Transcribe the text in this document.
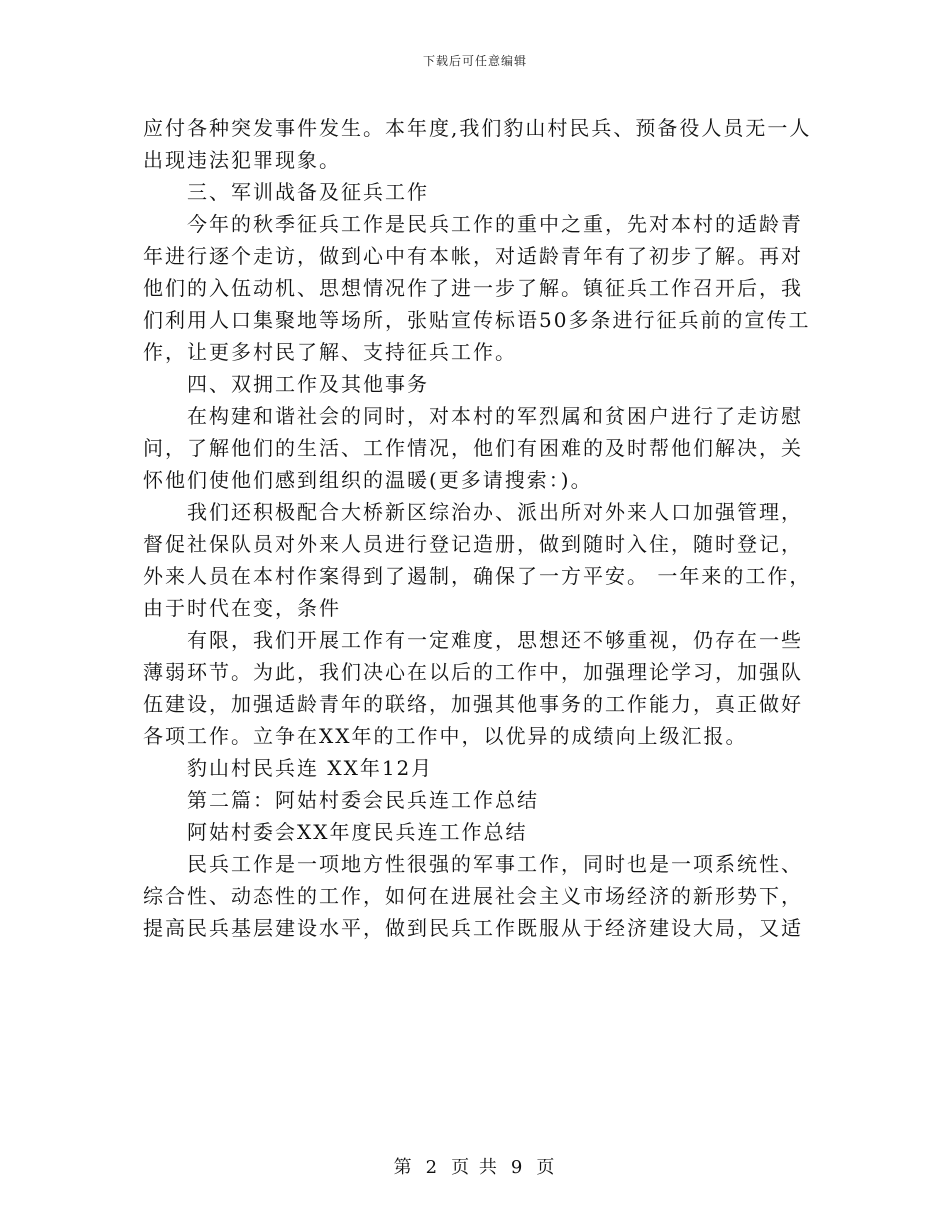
下载后可任意编辑
应付各种突发事件发生。本年度,我们豹山村民兵、预备役人员无一人
出现违法犯罪现象。
三、军训战备及征兵工作
今年的秋季征兵工作是民兵工作的重中之重，先对本村的适龄青
年进行逐个走访，做到心中有本帐，对适龄青年有了初步了解。再对
他们的入伍动机、思想情况作了进一步了解。镇征兵工作召开后，我
们利用人口集聚地等场所，张贴宣传标语50多条进行征兵前的宣传工
作，让更多村民了解、支持征兵工作。
四、双拥工作及其他事务
在构建和谐社会的同时，对本村的军烈属和贫困户进行了走访慰
问，了解他们的生活、工作情况，他们有困难的及时帮他们解决，关
怀他们使他们感到组织的温暖(更多请搜索：)。
我们还积极配合大桥新区综治办、派出所对外来人口加强管理，
督促社保队员对外来人员进行登记造册，做到随时入住，随时登记，
外来人员在本村作案得到了遏制，确保了一方平安。 一年来的工作，
由于时代在变，条件
有限，我们开展工作有一定难度，思想还不够重视，仍存在一些
薄弱环节。为此，我们决心在以后的工作中，加强理论学习，加强队
伍建设，加强适龄青年的联络，加强其他事务的工作能力，真正做好
各项工作。立争在XX年的工作中，以优异的成绩向上级汇报。
豹山村民兵连 XX年12月
第二篇：阿姑村委会民兵连工作总结
阿姑村委会XX年度民兵连工作总结
民兵工作是一项地方性很强的军事工作，同时也是一项系统性、
综合性、动态性的工作，如何在进展社会主义市场经济的新形势下，
提高民兵基层建设水平，做到民兵工作既服从于经济建设大局，又适
第 2 页 共 9 页
